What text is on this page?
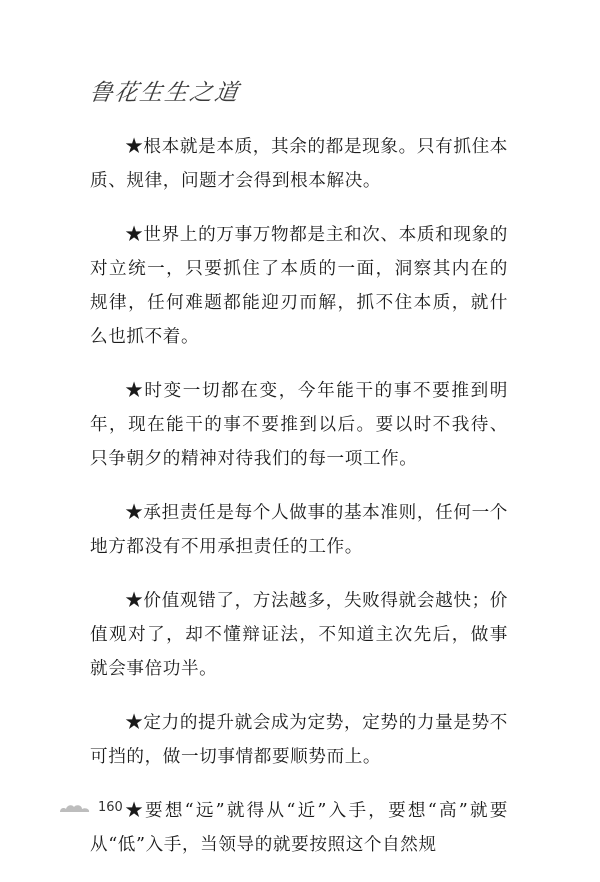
鲁花生生之道

★根本就是本质，其余的都是现象。只有抓住本质、规律，问题才会得到根本解决。

★世界上的万事万物都是主和次、本质和现象的对立统一，只要抓住了本质的一面，洞察其内在的规律，任何难题都能迎刃而解，抓不住本质，就什么也抓不着。

★时变一切都在变，今年能干的事不要推到明年，现在能干的事不要推到以后。要以时不我待、只争朝夕的精神对待我们的每一项工作。

★承担责任是每个人做事的基本准则，任何一个地方都没有不用承担责任的工作。

★价值观错了，方法越多，失败得就会越快；价值观对了，却不懂辩证法，不知道主次先后，做事就会事倍功半。

★定力的提升就会成为定势，定势的力量是势不可挡的，做一切事情都要顺势而上。

★要想“远”就得从“近”入手，要想“高”就要从“低”入手，当领导的就要按照这个自然规

160
